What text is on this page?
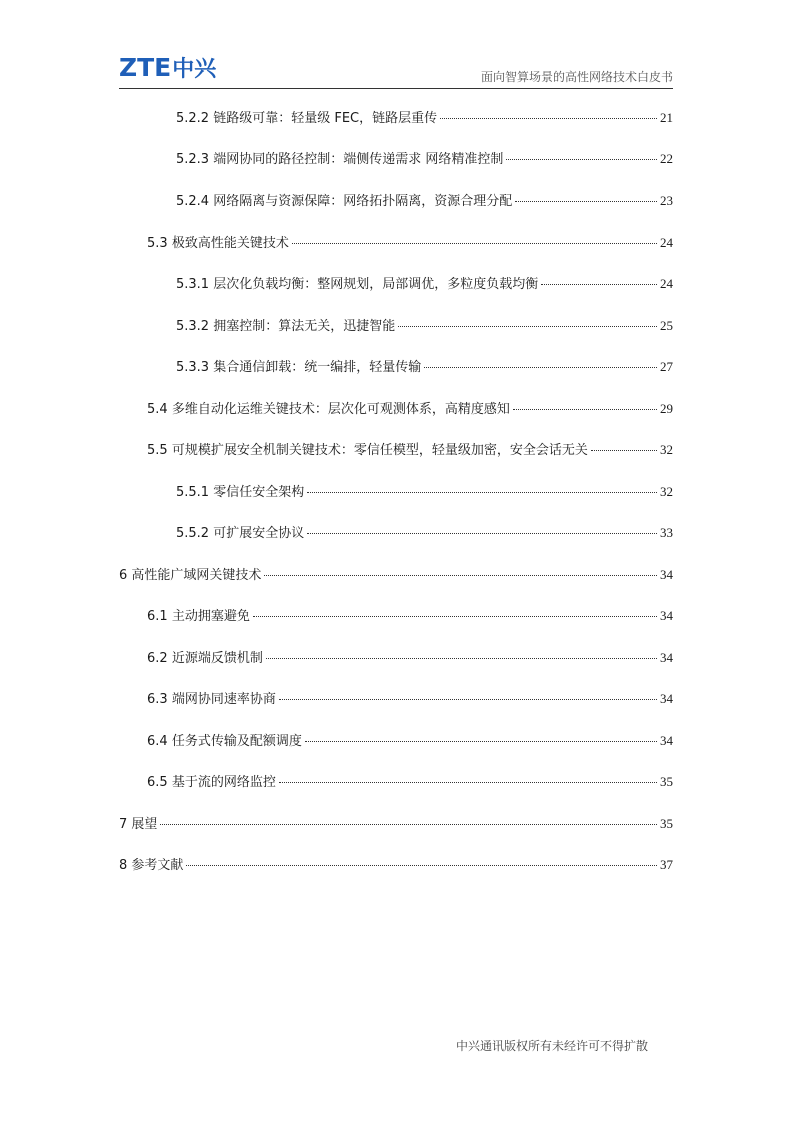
ZTE 中兴	面向智算场景的高性网络技术白皮书
5.2.2 链路级可靠：轻量级 FEC，链路层重传	21
5.2.3 端网协同的路径控制：端侧传递需求 网络精准控制	22
5.2.4 网络隔离与资源保障：网络拓扑隔离，资源合理分配	23
5.3 极致高性能关键技术	24
5.3.1 层次化负载均衡：整网规划，局部调优，多粒度负载均衡	24
5.3.2 拥塞控制：算法无关，迅捷智能	25
5.3.3 集合通信卸载：统一编排，轻量传输	27
5.4 多维自动化运维关键技术：层次化可观测体系，高精度感知	29
5.5 可规模扩展安全机制关键技术：零信任模型，轻量级加密，安全会话无关	32
5.5.1 零信任安全架构	32
5.5.2 可扩展安全协议	33
6 高性能广域网关键技术	34
6.1 主动拥塞避免	34
6.2 近源端反馈机制	34
6.3 端网协同速率协商	34
6.4 任务式传输及配额调度	34
6.5 基于流的网络监控	35
7 展望	35
8 参考文献	37
中兴通讯版权所有未经许可不得扩散
